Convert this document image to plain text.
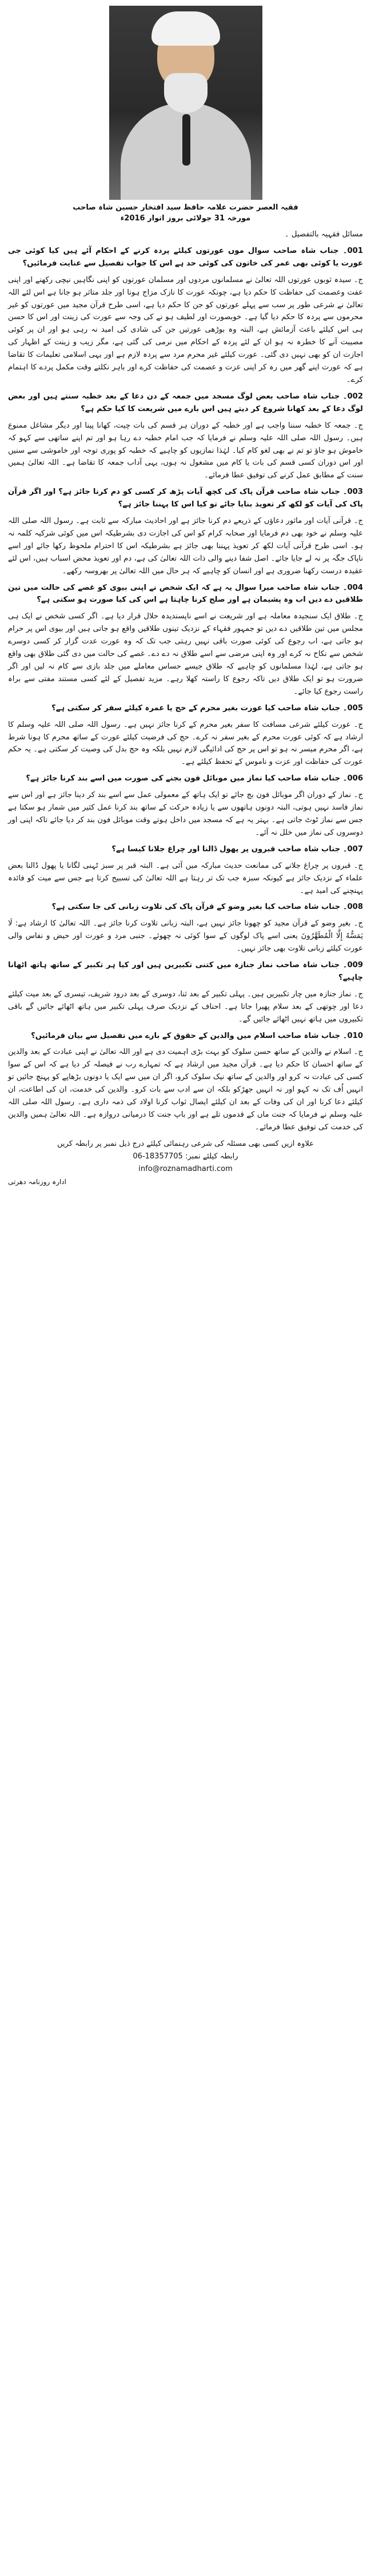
فقیہ العصر حضرت علامہ حافظ سید افتخار حسین شاہ صاحب
مورخہ 31 جولائی بروز اتوار 2016ء

مسائل فقہیہ بالتفصیل ۔

001۔ جناب شاہ صاحب سوال موں عورتوں کیلئے پردہ کرنے کے احکام آئے ہیں کیا کوئی جی عورت یا کوئی بھی عمر کی خاتون کی کوئی حد ہے اس کا جواب تفصیل سے عنایت فرمائیں؟

ج۔ سیدہ ثوبوں عورتوں اللہ تعالیٰ نے مسلمانوں مردوں اور مسلمان عورتوں کو اپنی نگاہیں نیچی رکھنے اور اپنی عفت وعصمت کی حفاظت کا حکم دیا ہے، چونکہ عورت کا نازک مزاج ہونا اور جلد متاثر ہو جانا ہے اس لئے اللہ تعالیٰ نے شرعی طور پر سب سے پہلے عورتوں کو جن کا حکم دیا ہے، اسی طرح قرآن مجید میں عورتوں کو غیر محرموں سے پردہ کا حکم دیا گیا ہے۔ خوبصورت اور لطیف ہو نے کی وجہ سے عورت کی زینت اور اس کا حسن ہی اس کیلئے باعث آزمائش ہے، البتہ وہ بوڑھی عورتیں جن کی شادی کی امید نہ رہی ہو اور ان پر کوئی مصیبت آنے کا خطرہ نہ ہو ان کے لئے پردہ کے احکام میں نرمی کی گئی ہے، مگر زیب و زینت کے اظہار کی اجازت ان کو بھی نہیں دی گئی۔ عورت کیلئے غیر محرم مرد سے پردہ لازم ہے اور یہی اسلامی تعلیمات کا تقاضا ہے کہ عورت اپنے گھر میں رہ کر اپنی عزت و عصمت کی حفاظت کرے اور باہر نکلتے وقت مکمل پردے کا اہتمام کرے۔

002۔ جناب شاہ صاحب بعض لوگ مسجد میں جمعہ کے دن دعا کے بعد خطبہ سنتے ہیں اور بعض لوگ دعا کے بعد کھانا شروع کر دیتے ہیں اس بارے میں شریعت کا کیا حکم ہے؟

ج۔ جمعہ کا خطبہ سننا واجب ہے اور خطبہ کے دوران ہر قسم کی بات چیت، کھانا پینا اور دیگر مشاغل ممنوع ہیں۔ رسول اللہ صلی اللہ علیہ وسلم نے فرمایا کہ جب امام خطبہ دے رہا ہو اور تم اپنے ساتھی سے کہو کہ خاموش ہو جاؤ تو تم نے بھی لغو کام کیا۔ لہٰذا نمازیوں کو چاہیے کہ خطبہ کو پوری توجہ اور خاموشی سے سنیں اور اس دوران کسی قسم کی بات یا کام میں مشغول نہ ہوں، یہی آداب جمعہ کا تقاضا ہے۔ اللہ تعالیٰ ہمیں سنت کے مطابق عمل کرنے کی توفیق عطا فرمائے۔

003۔ جناب شاہ صاحب قرآن پاک کی کچھ آیات پڑھ کر کسی کو دم کرنا جائز ہے؟ اور اگر قرآن پاک کی آیات کو لکھ کر تعویذ بنایا جائے تو کیا اس کا پہننا جائز ہے؟

ج۔ قرآنی آیات اور ماثور دعاؤں کے ذریعے دم کرنا جائز ہے اور احادیث مبارکہ سے ثابت ہے۔ رسول اللہ صلی اللہ علیہ وسلم نے خود بھی دم فرمایا اور صحابہ کرام کو اس کی اجازت دی بشرطیکہ اس میں کوئی شرکیہ کلمہ نہ ہو۔ اسی طرح قرآنی آیات لکھ کر تعویذ پہننا بھی جائز ہے بشرطیکہ اس کا احترام ملحوظ رکھا جائے اور اسے ناپاک جگہ پر نہ لے جایا جائے۔ اصل شفا دینے والی ذات اللہ تعالیٰ کی ہے، دم اور تعویذ محض اسباب ہیں، اس لئے عقیدہ درست رکھنا ضروری ہے اور انسان کو چاہیے کہ ہر حال میں اللہ تعالیٰ پر بھروسہ رکھے۔

004۔ جناب شاہ صاحب میرا سوال یہ ہے کہ ایک شخص نے اپنی بیوی کو غصے کی حالت میں تین طلاقیں دے دیں اب وہ پشیمان ہے اور صلح کرنا چاہتا ہے اس کی کیا صورت ہو سکتی ہے؟

ج۔ طلاق ایک سنجیدہ معاملہ ہے اور شریعت نے اسے ناپسندیدہ حلال قرار دیا ہے۔ اگر کسی شخص نے ایک ہی مجلس میں تین طلاقیں دے دیں تو جمہور فقہاء کے نزدیک تینوں طلاقیں واقع ہو جاتی ہیں اور بیوی اس پر حرام ہو جاتی ہے، اب رجوع کی کوئی صورت باقی نہیں رہتی جب تک کہ وہ عورت عدت گزار کر کسی دوسرے شخص سے نکاح نہ کرے اور وہ اپنی مرضی سے اسے طلاق نہ دے دے۔ غصے کی حالت میں دی گئی طلاق بھی واقع ہو جاتی ہے، لہٰذا مسلمانوں کو چاہیے کہ طلاق جیسے حساس معاملے میں جلد بازی سے کام نہ لیں اور اگر ضرورت ہو تو ایک طلاق دیں تاکہ رجوع کا راستہ کھلا رہے۔ مزید تفصیل کے لئے کسی مستند مفتی سے براہ راست رجوع کیا جائے۔

005۔ جناب شاہ صاحب کیا عورت بغیر محرم کے حج یا عمرہ کیلئے سفر کر سکتی ہے؟

ج۔ عورت کیلئے شرعی مسافت کا سفر بغیر محرم کے کرنا جائز نہیں ہے۔ رسول اللہ صلی اللہ علیہ وسلم کا ارشاد ہے کہ کوئی عورت محرم کے بغیر سفر نہ کرے۔ حج کی فرضیت کیلئے عورت کے ساتھ محرم کا ہونا شرط ہے، اگر محرم میسر نہ ہو تو اس پر حج کی ادائیگی لازم نہیں بلکہ وہ حج بدل کی وصیت کر سکتی ہے۔ یہ حکم عورت کی حفاظت اور عزت و ناموس کے تحفظ کیلئے ہے۔

006۔ جناب شاہ صاحب کیا نماز میں موبائل فون بجنے کی صورت میں اسے بند کرنا جائز ہے؟

ج۔ نماز کے دوران اگر موبائل فون بج جائے تو ایک ہاتھ کے معمولی عمل سے اسے بند کر دینا جائز ہے اور اس سے نماز فاسد نہیں ہوتی، البتہ دونوں ہاتھوں سے یا زیادہ حرکت کے ساتھ بند کرنا عمل کثیر میں شمار ہو سکتا ہے جس سے نماز ٹوٹ جاتی ہے۔ بہتر یہ ہے کہ مسجد میں داخل ہوتے وقت موبائل فون بند کر دیا جائے تاکہ اپنی اور دوسروں کی نماز میں خلل نہ آئے۔

007۔ جناب شاہ صاحب قبروں پر پھول ڈالنا اور چراغ جلانا کیسا ہے؟

ج۔ قبروں پر چراغ جلانے کی ممانعت حدیث مبارکہ میں آئی ہے۔ البتہ قبر پر سبز ٹہنی لگانا یا پھول ڈالنا بعض علماء کے نزدیک جائز ہے کیونکہ سبزہ جب تک تر رہتا ہے اللہ تعالیٰ کی تسبیح کرتا ہے جس سے میت کو فائدہ پہنچنے کی امید ہے۔

008۔ جناب شاہ صاحب کیا بغیر وضو کے قرآن پاک کی تلاوت زبانی کی جا سکتی ہے؟

ج۔ بغیر وضو کے قرآن مجید کو چھونا جائز نہیں ہے، البتہ زبانی تلاوت کرنا جائز ہے۔ اللہ تعالیٰ کا ارشاد ہے: لَا يَمَسُّهُ إِلَّا الْمُطَهَّرُونَ یعنی اسے پاک لوگوں کے سوا کوئی نہ چھوئے۔ جنبی مرد و عورت اور حیض و نفاس والی عورت کیلئے زبانی تلاوت بھی جائز نہیں۔

009۔ جناب شاہ صاحب نماز جنازہ میں کتنی تکبیریں ہیں اور کیا ہر تکبیر کے ساتھ ہاتھ اٹھانا چاہیے؟

ج۔ نماز جنازہ میں چار تکبیریں ہیں۔ پہلی تکبیر کے بعد ثنا، دوسری کے بعد درود شریف، تیسری کے بعد میت کیلئے دعا اور چوتھی کے بعد سلام پھیرا جاتا ہے۔ احناف کے نزدیک صرف پہلی تکبیر میں ہاتھ اٹھائے جائیں گے باقی تکبیروں میں ہاتھ نہیں اٹھائے جائیں گے۔

010۔ جناب شاہ صاحب اسلام میں والدین کے حقوق کے بارے میں تفصیل سے بیان فرمائیں؟

ج۔ اسلام نے والدین کے ساتھ حسن سلوک کو بہت بڑی اہمیت دی ہے اور اللہ تعالیٰ نے اپنی عبادت کے بعد والدین کے ساتھ احسان کا حکم دیا ہے۔ قرآن مجید میں ارشاد ہے کہ تمہارے رب نے فیصلہ کر دیا ہے کہ اس کے سوا کسی کی عبادت نہ کرو اور والدین کے ساتھ نیک سلوک کرو، اگر ان میں سے ایک یا دونوں بڑھاپے کو پہنچ جائیں تو انہیں اُف تک نہ کہو اور نہ انہیں جھڑکو بلکہ ان سے ادب سے بات کرو۔ والدین کی خدمت، ان کی اطاعت، ان کیلئے دعا کرنا اور ان کی وفات کے بعد ان کیلئے ایصال ثواب کرنا اولاد کی ذمہ داری ہے۔ رسول اللہ صلی اللہ علیہ وسلم نے فرمایا کہ جنت ماں کے قدموں تلے ہے اور باپ جنت کا درمیانی دروازہ ہے۔ اللہ تعالیٰ ہمیں والدین کی خدمت کی توفیق عطا فرمائے۔

علاوہ ازیں کسی بھی مسئلہ کی شرعی رہنمائی کیلئے درج ذیل نمبر پر رابطہ کریں
رابطہ کیلئے نمبر: 06-18357705
info@roznamadharti.com
ادارہ روزنامہ دھرتی
